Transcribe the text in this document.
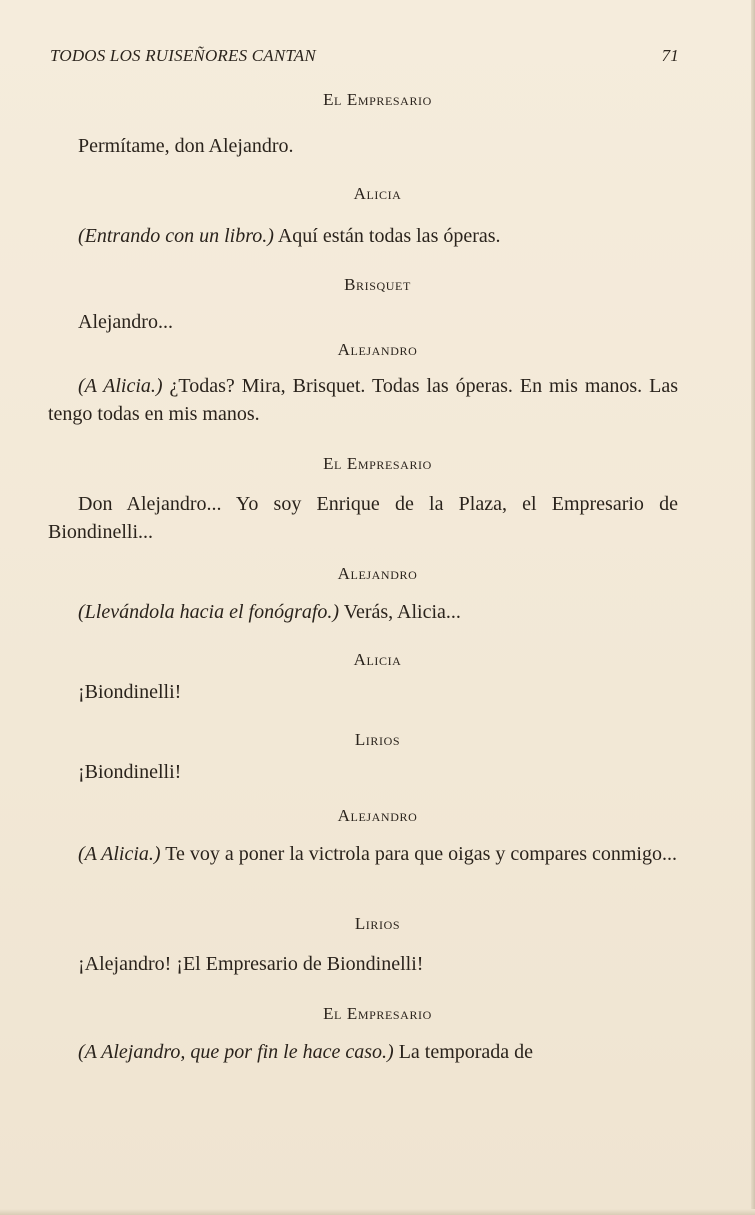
TODOS LOS RUISEÑORES CANTAN	71
El Empresario
Permítame, don Alejandro.
Alicia
(Entrando con un libro.) Aquí están todas las óperas.
Brisquet
Alejandro...
Alejandro
(A Alicia.) ¿Todas? Mira, Brisquet. Todas las óperas. En mis manos. Las tengo todas en mis manos.
El Empresario
Don Alejandro... Yo soy Enrique de la Plaza, el Empresario de Biondinelli...
Alejandro
(Llevándola hacia el fonógrafo.) Verás, Alicia...
Alicia
¡Biondinelli!
Lirios
¡Biondinelli!
Alejandro
(A Alicia.) Te voy a poner la victrola para que oigas y compares conmigo...
Lirios
¡Alejandro! ¡El Empresario de Biondinelli!
El Empresario
(A Alejandro, que por fin le hace caso.) La temporada de
